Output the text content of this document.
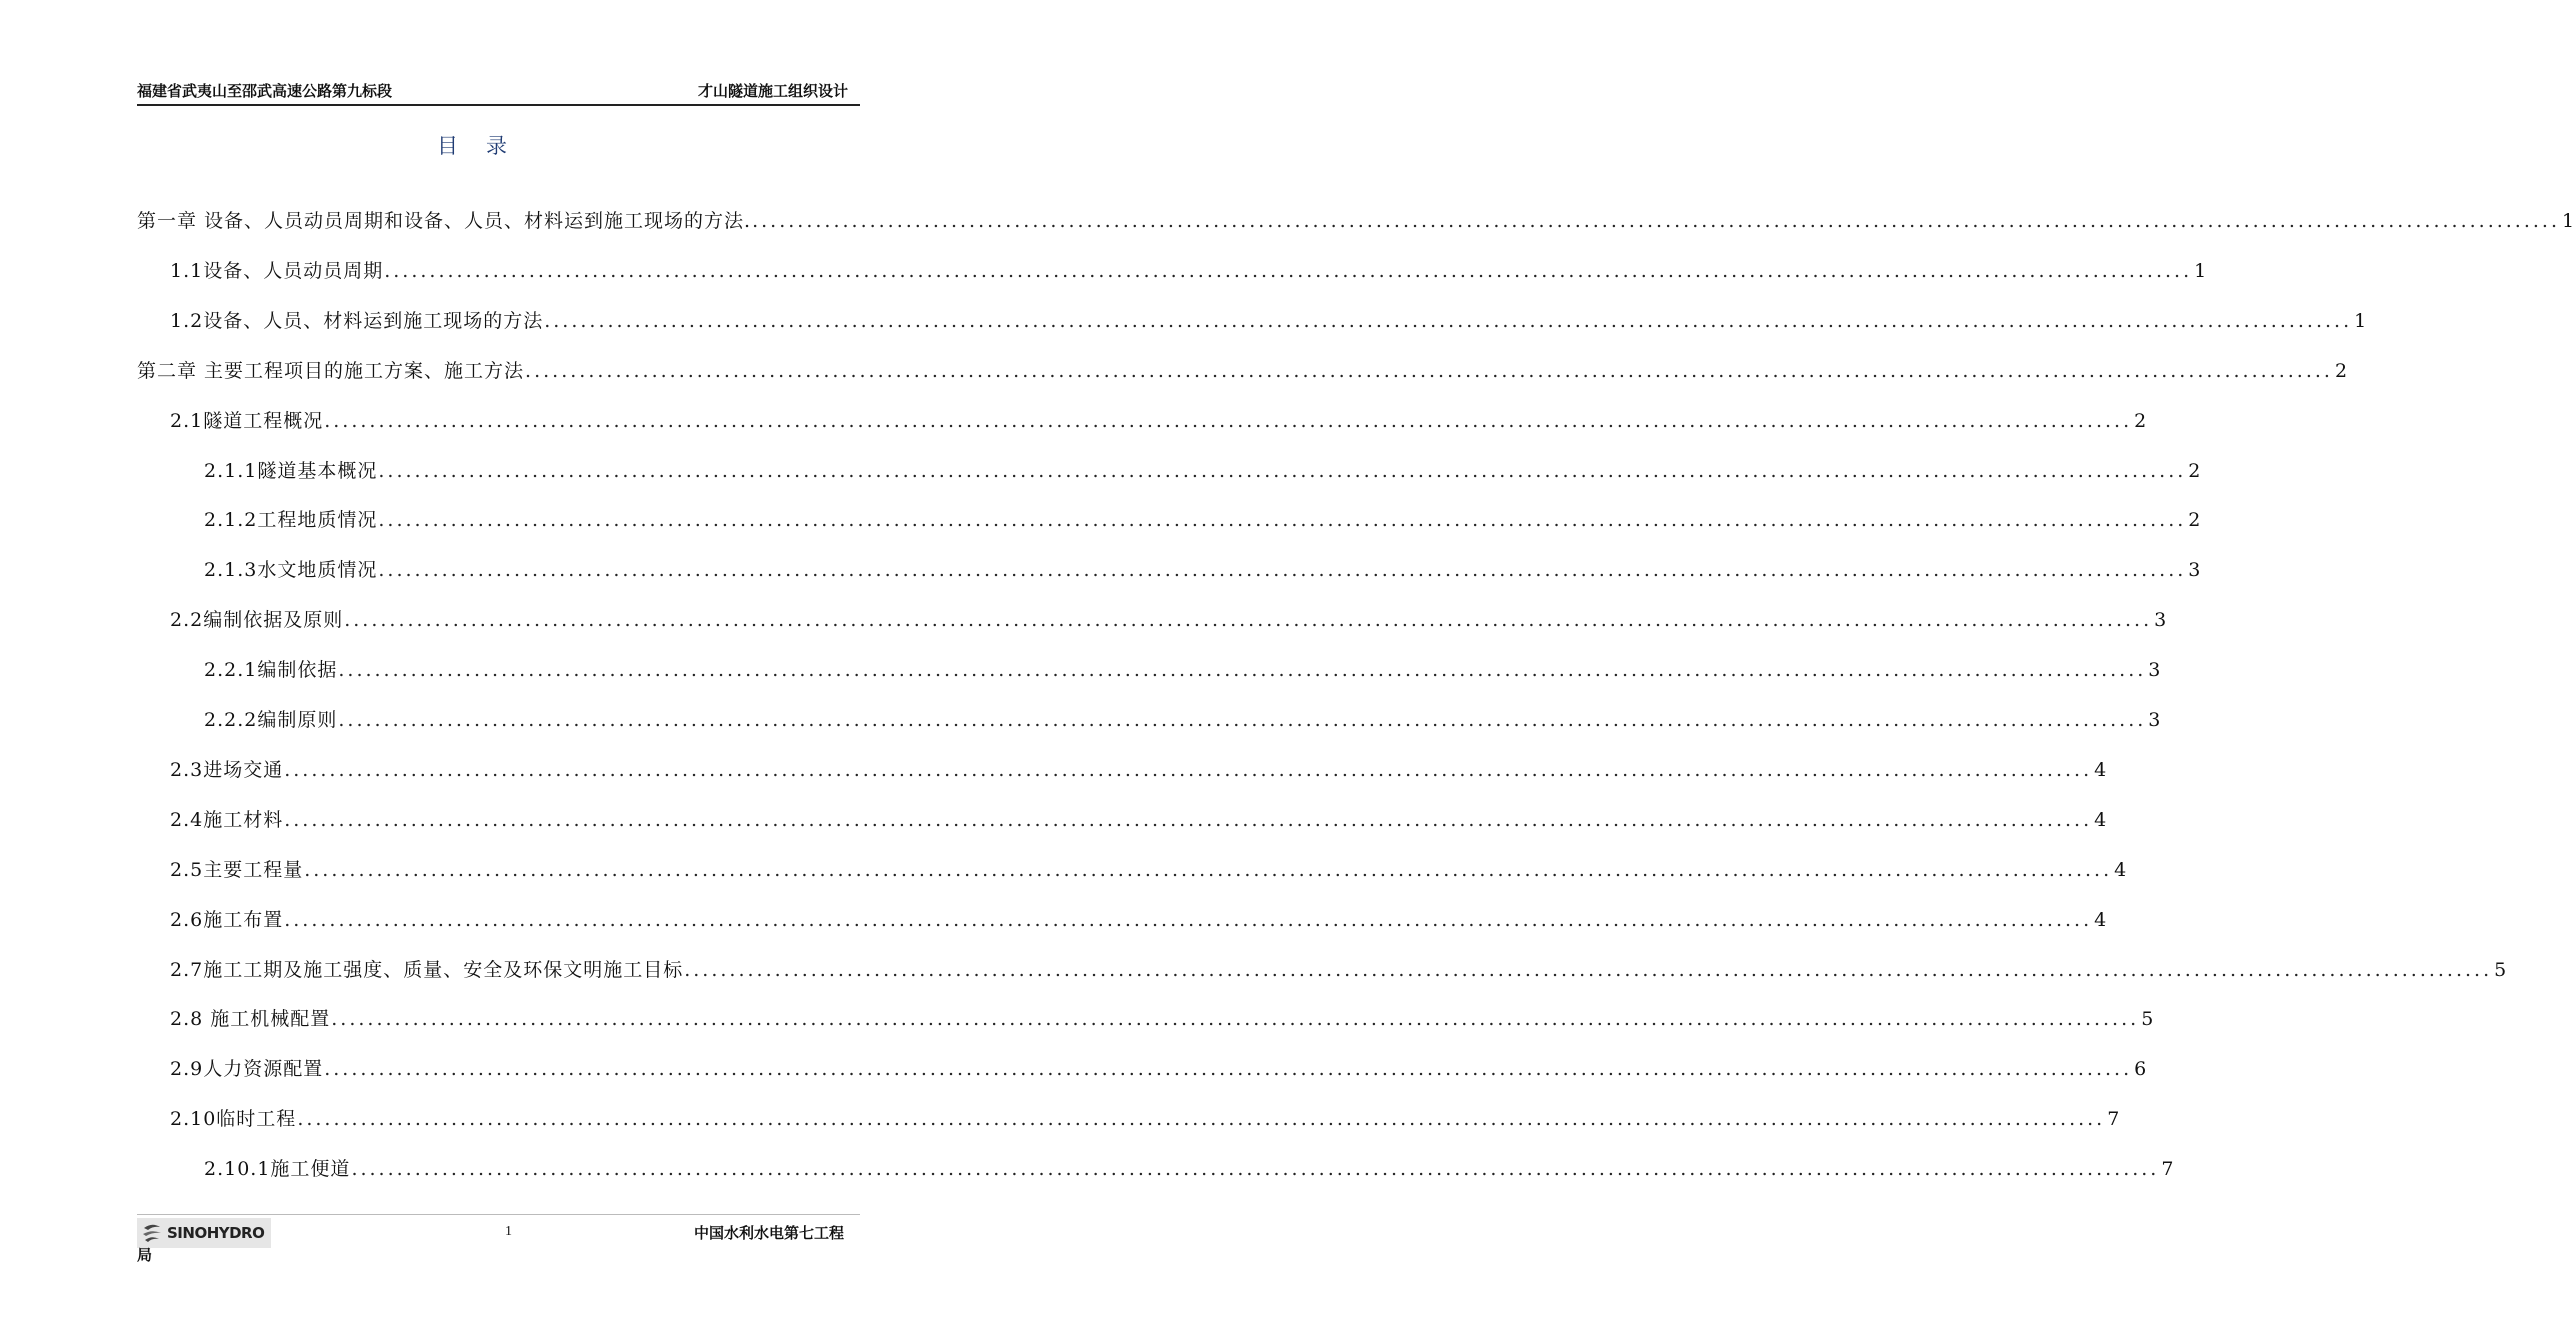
福建省武夷山至邵武高速公路第九标段	才山隧道施工组织设计
目录
第一章 设备、人员动员周期和设备、人员、材料运到施工现场的方法. ........................................................................................................................................................................................................ 1
1.1设备、人员动员周期 ........................................................................................................................................................................................................ 1
1.2设备、人员、材料运到施工现场的方法 ........................................................................................................................................................................................................ 1
第二章 主要工程项目的施工方案、施工方法 ........................................................................................................................................................................................................ 2
2.1隧道工程概况 ........................................................................................................................................................................................................ 2
2.1.1隧道基本概况 ........................................................................................................................................................................................................ 2
2.1.2工程地质情况 ........................................................................................................................................................................................................ 2
2.1.3水文地质情况 ........................................................................................................................................................................................................ 3
2.2编制依据及原则 ........................................................................................................................................................................................................ 3
2.2.1编制依据 ........................................................................................................................................................................................................ 3
2.2.2编制原则 ........................................................................................................................................................................................................ 3
2.3进场交通 ........................................................................................................................................................................................................ 4
2.4施工材料 ........................................................................................................................................................................................................ 4
2.5主要工程量 ........................................................................................................................................................................................................ 4
2.6施工布置 ........................................................................................................................................................................................................ 4
2.7施工工期及施工强度、质量、安全及环保文明施工目标 ........................................................................................................................................................................................................ 5
2.8 施工机械配置 ........................................................................................................................................................................................................ 5
2.9人力资源配置 ........................................................................................................................................................................................................ 6
2.10临时工程 ........................................................................................................................................................................................................ 7
2.10.1施工便道 ........................................................................................................................................................................................................ 7
SINOHYDRO	1	中国水利水电第七工程
局
